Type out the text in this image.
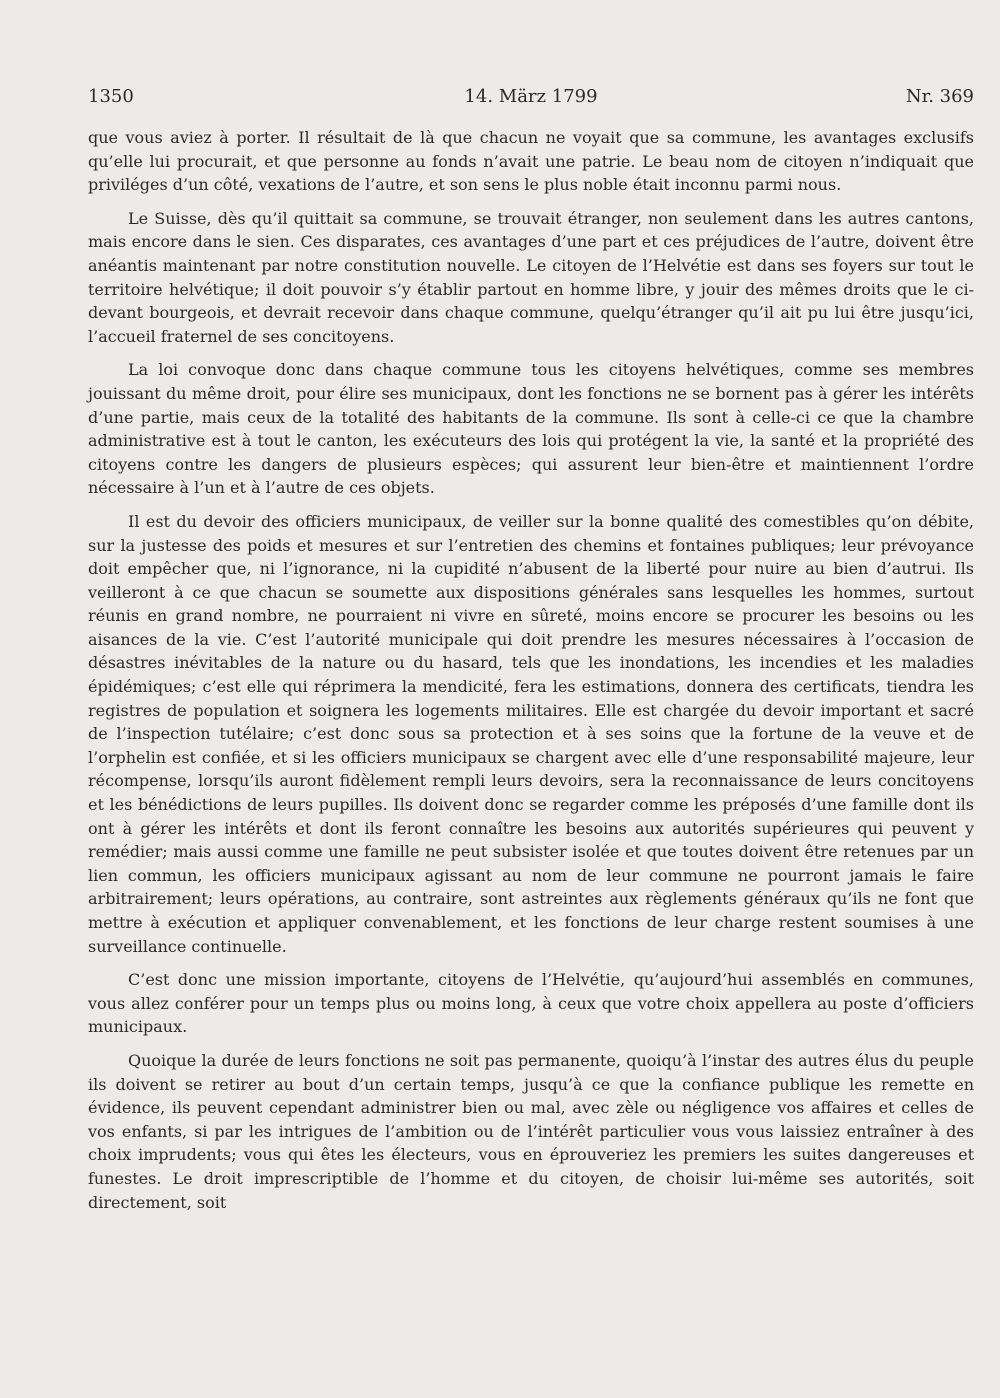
1350	14. März 1799	Nr. 369

que vous aviez à porter. Il résultait de là que chacun ne voyait que sa commune, les avantages exclusifs qu’elle lui procurait, et que personne au fonds n’avait une patrie. Le beau nom de citoyen n’indiquait que priviléges d’un côté, vexations de l’autre, et son sens le plus noble était inconnu parmi nous.

Le Suisse, dès qu’il quittait sa commune, se trouvait étranger, non seulement dans les autres cantons, mais encore dans le sien. Ces disparates, ces avantages d’une part et ces préjudices de l’autre, doivent être anéantis maintenant par notre constitution nouvelle. Le citoyen de l’Helvétie est dans ses foyers sur tout le territoire helvétique; il doit pouvoir s’y établir partout en homme libre, y jouir des mêmes droits que le ci-devant bourgeois, et devrait recevoir dans chaque commune, quelqu’étranger qu’il ait pu lui être jusqu’ici, l’accueil fraternel de ses concitoyens.

La loi convoque donc dans chaque commune tous les citoyens helvétiques, comme ses membres jouissant du même droit, pour élire ses municipaux, dont les fonctions ne se bornent pas à gérer les intérêts d’une partie, mais ceux de la totalité des habitants de la commune. Ils sont à celle-ci ce que la chambre administrative est à tout le canton, les exécuteurs des lois qui protégent la vie, la santé et la propriété des citoyens contre les dangers de plusieurs espèces; qui assurent leur bien-être et maintiennent l’ordre nécessaire à l’un et à l’autre de ces objets.

Il est du devoir des officiers municipaux, de veiller sur la bonne qualité des comestibles qu’on débite, sur la justesse des poids et mesures et sur l’entretien des chemins et fontaines publiques; leur prévoyance doit empêcher que, ni l’ignorance, ni la cupidité n’abusent de la liberté pour nuire au bien d’autrui. Ils veilleront à ce que chacun se soumette aux dispositions générales sans lesquelles les hommes, surtout réunis en grand nombre, ne pourraient ni vivre en sûreté, moins encore se procurer les besoins ou les aisances de la vie. C’est l’autorité municipale qui doit prendre les mesures nécessaires à l’occasion de désastres inévitables de la nature ou du hasard, tels que les inondations, les incendies et les maladies épidémiques; c’est elle qui réprimera la mendicité, fera les estimations, donnera des certificats, tiendra les registres de population et soignera les logements militaires. Elle est chargée du devoir important et sacré de l’inspection tutélaire; c’est donc sous sa protection et à ses soins que la fortune de la veuve et de l’orphelin est confiée, et si les officiers municipaux se chargent avec elle d’une responsabilité majeure, leur récompense, lorsqu’ils auront fidèlement rempli leurs devoirs, sera la reconnaissance de leurs concitoyens et les bénédictions de leurs pupilles. Ils doivent donc se regarder comme les préposés d’une famille dont ils ont à gérer les intérêts et dont ils feront connaître les besoins aux autorités supérieures qui peuvent y remédier; mais aussi comme une famille ne peut subsister isolée et que toutes doivent être retenues par un lien commun, les officiers municipaux agissant au nom de leur commune ne pourront jamais le faire arbitrairement; leurs opérations, au contraire, sont astreintes aux règlements généraux qu’ils ne font que mettre à exécution et appliquer convenablement, et les fonctions de leur charge restent soumises à une surveillance continuelle.

C’est donc une mission importante, citoyens de l’Helvétie, qu’aujourd’hui assemblés en communes, vous allez conférer pour un temps plus ou moins long, à ceux que votre choix appellera au poste d’officiers municipaux.

Quoique la durée de leurs fonctions ne soit pas permanente, quoiqu’à l’instar des autres élus du peuple ils doivent se retirer au bout d’un certain temps, jusqu’à ce que la confiance publique les remette en évidence, ils peuvent cependant administrer bien ou mal, avec zèle ou négligence vos affaires et celles de vos enfants, si par les intrigues de l’ambition ou de l’intérêt particulier vous vous laissiez entraîner à des choix imprudents; vous qui êtes les électeurs, vous en éprouveriez les premiers les suites dangereuses et funestes. Le droit imprescriptible de l’homme et du citoyen, de choisir lui-même ses autorités, soit directement, soit
